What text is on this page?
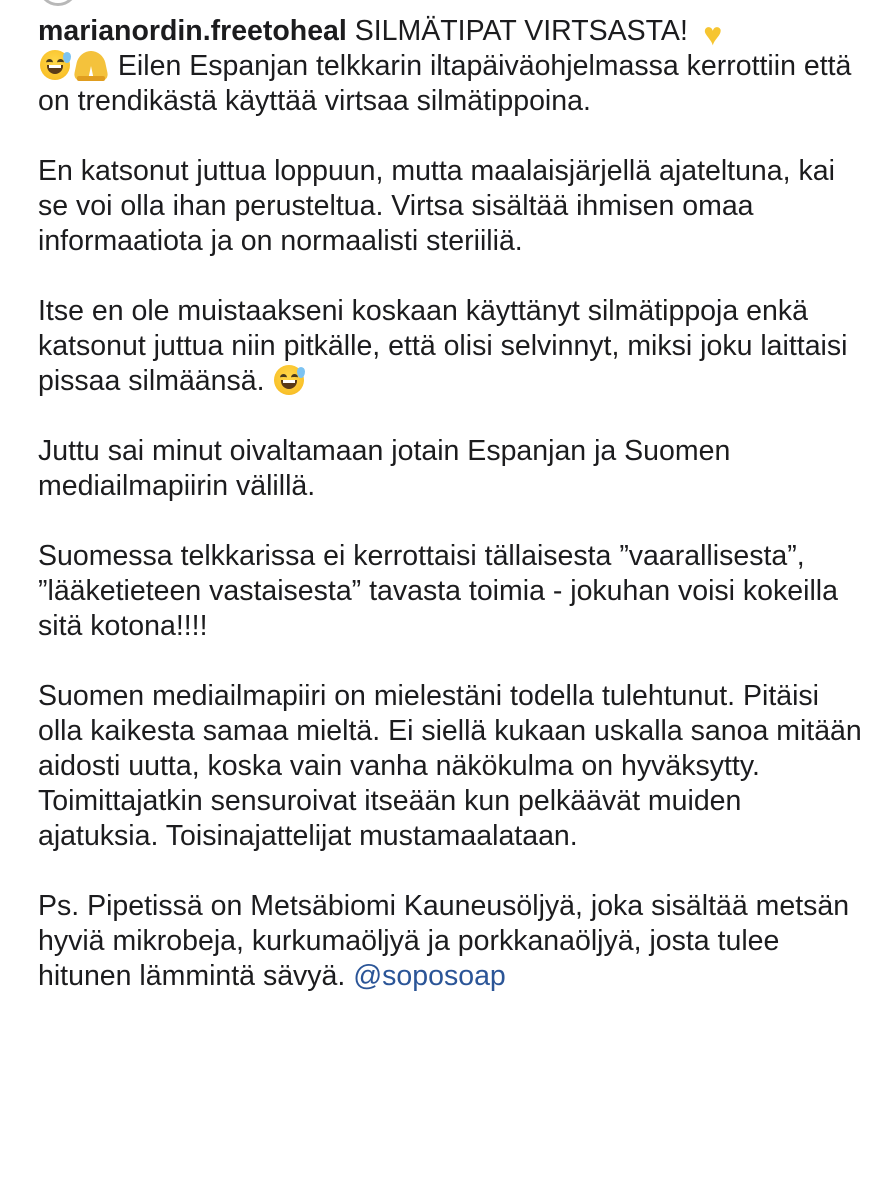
marianordin.freetoheal SILMÄTIPAT VIRTSASTA! ♥

Eilen Espanjan telkkarin iltapäiväohjelmassa kerrottiin että on trendikästä käyttää virtsaa silmätippoina.

En katsonut juttua loppuun, mutta maalaisjärjellä ajateltuna, kai se voi olla ihan perusteltua. Virtsa sisältää ihmisen omaa informaatiota ja on normaalisti steriiliä.

Itse en ole muistaakseni koskaan käyttänyt silmätippoja enkä katsonut juttua niin pitkälle, että olisi selvinnyt, miksi joku laittaisi pissaa silmäänsä.

Juttu sai minut oivaltamaan jotain Espanjan ja Suomen mediailmapiirin välillä.

Suomessa telkkarissa ei kerrottaisi tällaisesta ”vaarallisesta”, ”lääketieteen vastaisesta” tavasta toimia - jokuhan voisi kokeilla sitä kotona!!!!

Suomen mediailmapiiri on mielestäni todella tulehtunut. Pitäisi olla kaikesta samaa mieltä. Ei siellä kukaan uskalla sanoa mitään aidosti uutta, koska vain vanha näkökulma on hyväksytty. Toimittajatkin sensuroivat itseään kun pelkäävät muiden ajatuksia. Toisinajattelijat mustamaalataan.

Ps. Pipetissä on Metsäbiomi Kauneusöljyä, joka sisältää metsän hyviä mikrobeja, kurkumaöljyä ja porkkanaöljyä, josta tulee hitunen lämmintä sävyä. @soposoap
